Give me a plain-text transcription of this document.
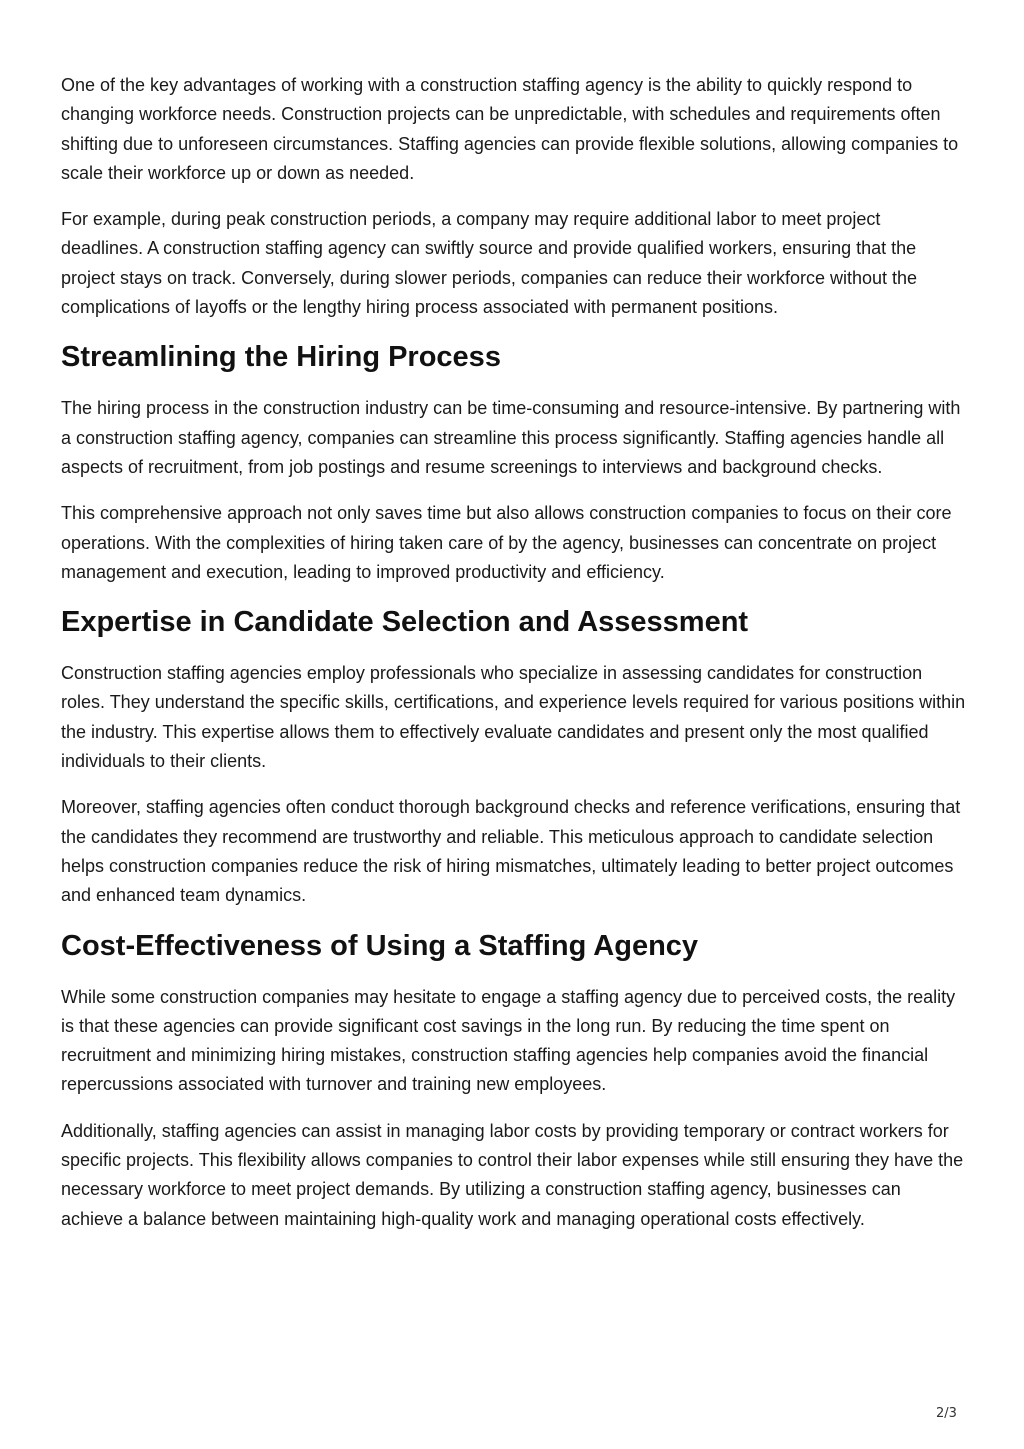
One of the key advantages of working with a construction staffing agency is the ability to quickly respond to changing workforce needs. Construction projects can be unpredictable, with schedules and requirements often shifting due to unforeseen circumstances. Staffing agencies can provide flexible solutions, allowing companies to scale their workforce up or down as needed.

For example, during peak construction periods, a company may require additional labor to meet project deadlines. A construction staffing agency can swiftly source and provide qualified workers, ensuring that the project stays on track. Conversely, during slower periods, companies can reduce their workforce without the complications of layoffs or the lengthy hiring process associated with permanent positions.

Streamlining the Hiring Process

The hiring process in the construction industry can be time-consuming and resource-intensive. By partnering with a construction staffing agency, companies can streamline this process significantly. Staffing agencies handle all aspects of recruitment, from job postings and resume screenings to interviews and background checks.

This comprehensive approach not only saves time but also allows construction companies to focus on their core operations. With the complexities of hiring taken care of by the agency, businesses can concentrate on project management and execution, leading to improved productivity and efficiency.

Expertise in Candidate Selection and Assessment

Construction staffing agencies employ professionals who specialize in assessing candidates for construction roles. They understand the specific skills, certifications, and experience levels required for various positions within the industry. This expertise allows them to effectively evaluate candidates and present only the most qualified individuals to their clients.

Moreover, staffing agencies often conduct thorough background checks and reference verifications, ensuring that the candidates they recommend are trustworthy and reliable. This meticulous approach to candidate selection helps construction companies reduce the risk of hiring mismatches, ultimately leading to better project outcomes and enhanced team dynamics.

Cost-Effectiveness of Using a Staffing Agency

While some construction companies may hesitate to engage a staffing agency due to perceived costs, the reality is that these agencies can provide significant cost savings in the long run. By reducing the time spent on recruitment and minimizing hiring mistakes, construction staffing agencies help companies avoid the financial repercussions associated with turnover and training new employees.

Additionally, staffing agencies can assist in managing labor costs by providing temporary or contract workers for specific projects. This flexibility allows companies to control their labor expenses while still ensuring they have the necessary workforce to meet project demands. By utilizing a construction staffing agency, businesses can achieve a balance between maintaining high-quality work and managing operational costs effectively.

2/3
